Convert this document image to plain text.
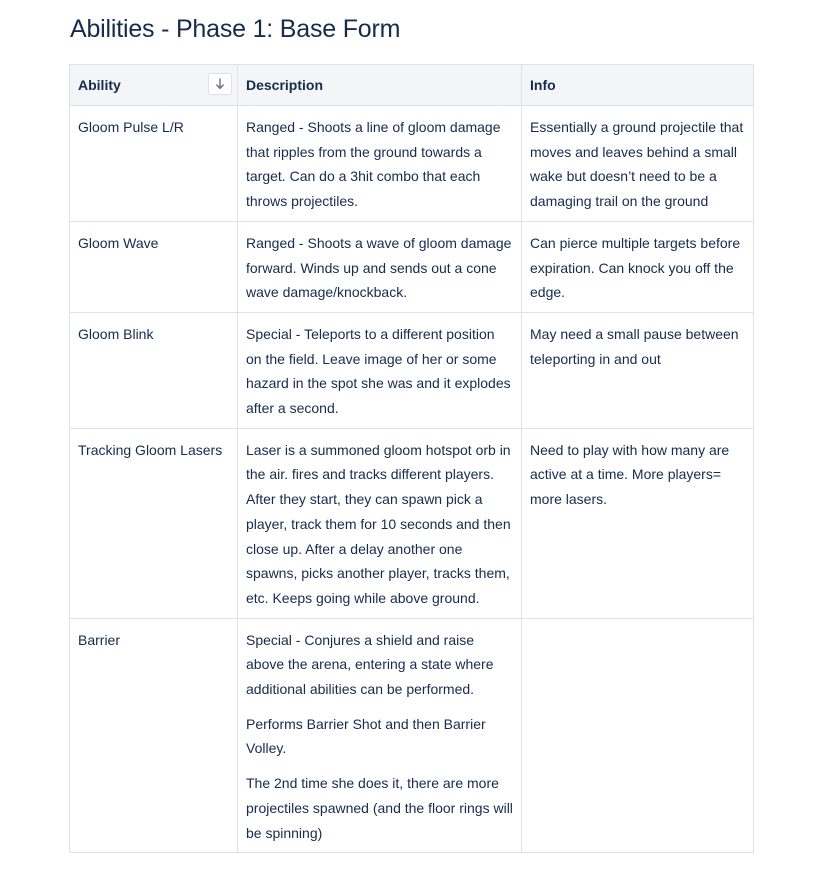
Abilities - Phase 1: Base Form
Ability	Description	Info
Gloom Pulse L/R	Ranged - Shoots a line of gloom damage that ripples from the ground towards a target. Can do a 3hit combo that each throws projectiles.	Essentially a ground projectile that moves and leaves behind a small wake but doesn’t need to be a damaging trail on the ground
Gloom Wave	Ranged - Shoots a wave of gloom damage forward. Winds up and sends out a cone wave damage/knockback.	Can pierce multiple targets before expiration. Can knock you off the edge.
Gloom Blink	Special - Teleports to a different position on the field. Leave image of her or some hazard in the spot she was and it explodes after a second.	May need a small pause between teleporting in and out
Tracking Gloom Lasers	Laser is a summoned gloom hotspot orb in the air. fires and tracks different players. After they start, they can spawn pick a player, track them for 10 seconds and then close up. After a delay another one spawns, picks another player, tracks them, etc. Keeps going while above ground.	Need to play with how many are active at a time. More players= more lasers.
Barrier	Special - Conjures a shield and raise above the arena, entering a state where additional abilities can be performed.

Performs Barrier Shot and then Barrier Volley.

The 2nd time she does it, there are more projectiles spawned (and the floor rings will be spinning)	
